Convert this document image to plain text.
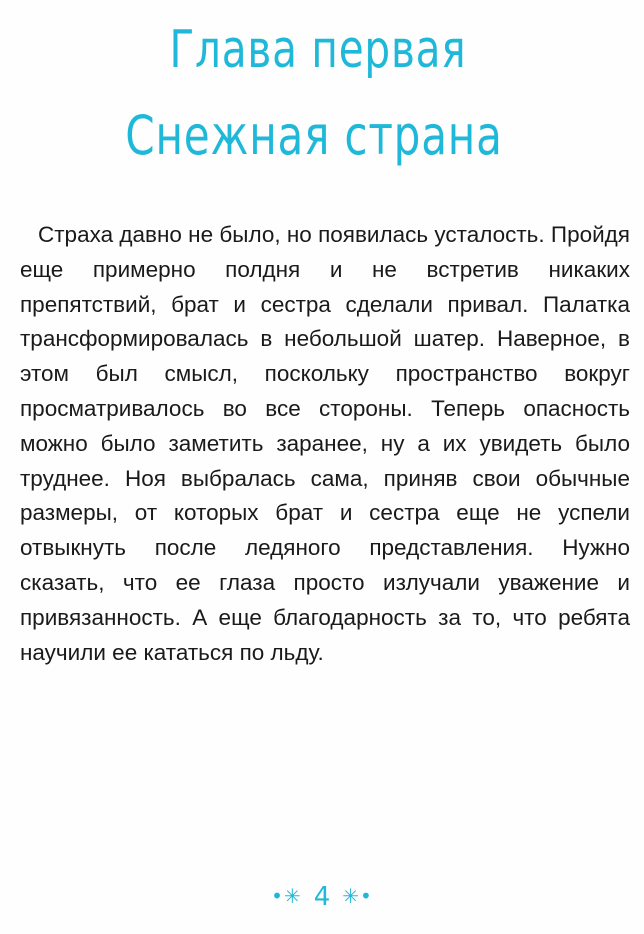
Глава первая
Снежная страна

Страха давно не было, но появилась усталость. Пройдя еще примерно полдня и не встретив никаких препятствий, брат и сестра сделали привал. Палатка трансформировалась в небольшой шатер. Наверное, в этом был смысл, поскольку пространство вокруг просматривалось во все стороны. Теперь опасность можно было заметить заранее, ну а их увидеть было труднее. Ноя выбралась сама, приняв свои обычные размеры, от которых брат и сестра еще не успели отвыкнуть после ледяного представления. Нужно сказать, что ее глаза просто излучали уважение и привязанность. А еще благодарность за то, что ребята научили ее кататься по льду.

•✳ 4 ✳•
